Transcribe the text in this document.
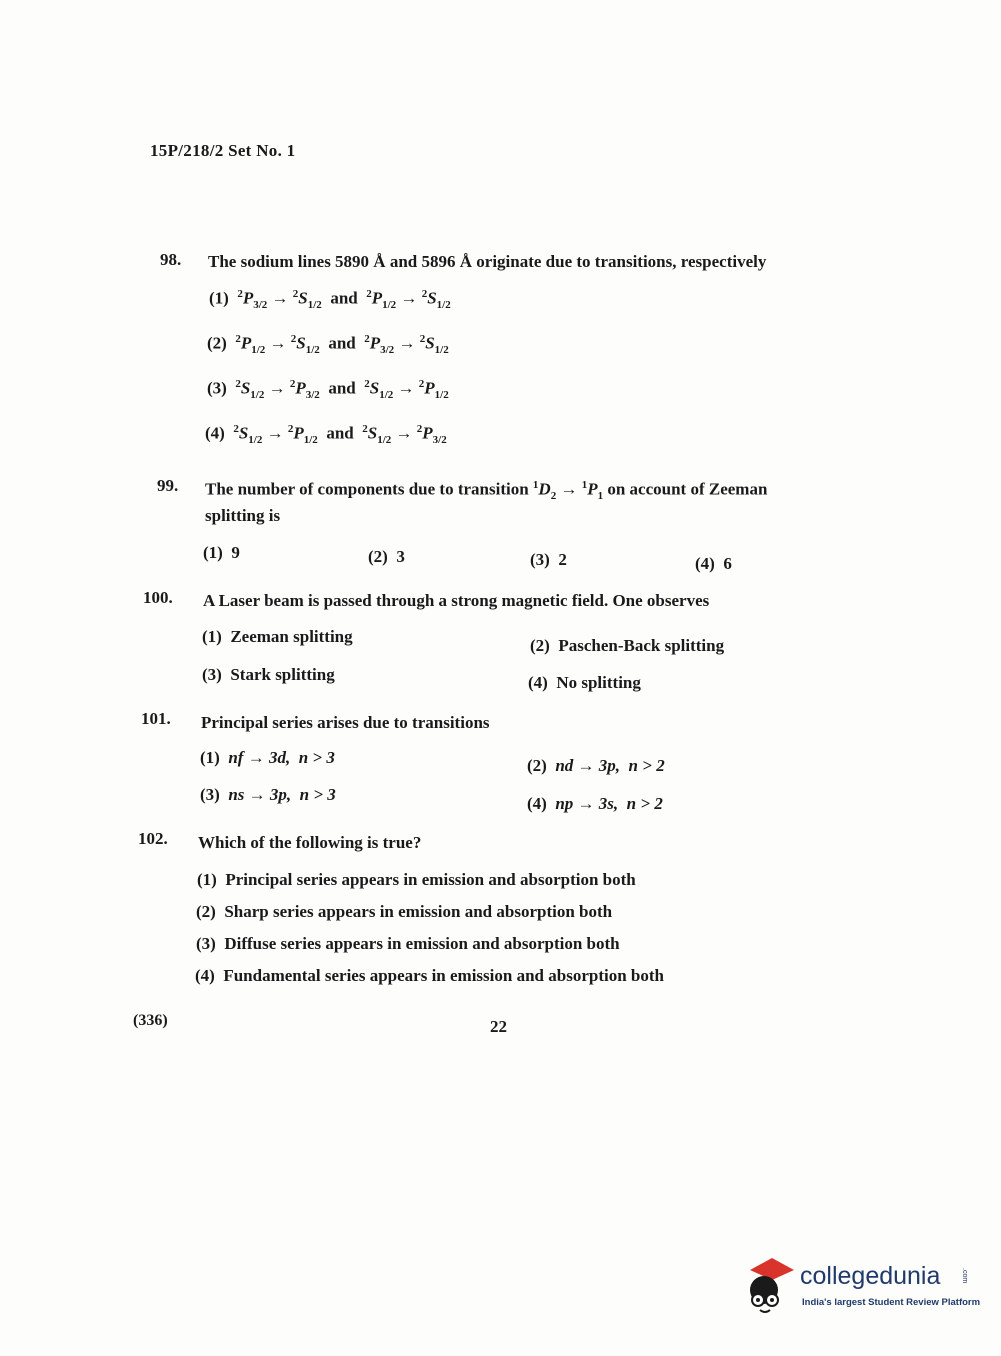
15P/218/2 Set No. 1
98. The sodium lines 5890 Å and 5896 Å originate due to transitions, respectively
(1) $^2P_{3/2} \to ^2S_{1/2}$ and $^2P_{1/2} \to ^2S_{1/2}$
(2) $^2P_{1/2} \to ^2S_{1/2}$ and $^2P_{3/2} \to ^2S_{1/2}$
(3) $^2S_{1/2} \to ^2P_{3/2}$ and $^2S_{1/2} \to ^2P_{1/2}$
(4) $^2S_{1/2} \to ^2P_{1/2}$ and $^2S_{1/2} \to ^2P_{3/2}$
99. The number of components due to transition $^1D_2 \to ^1P_1$ on account of Zeeman
splitting is
(1) 9	(2) 3	(3) 2	(4) 6
100. A Laser beam is passed through a strong magnetic field. One observes
(1) Zeeman splitting	(2) Paschen-Back splitting
(3) Stark splitting	(4) No splitting
101. Principal series arises due to transitions
(1) nf → 3d, n > 3	(2) nd → 3p, n > 2
(3) ns → 3p, n > 3	(4) np → 3s, n > 2
102. Which of the following is true?
(1) Principal series appears in emission and absorption both
(2) Sharp series appears in emission and absorption both
(3) Diffuse series appears in emission and absorption both
(4) Fundamental series appears in emission and absorption both
(336)	22
collegedunia	.com
India's largest Student Review Platform
